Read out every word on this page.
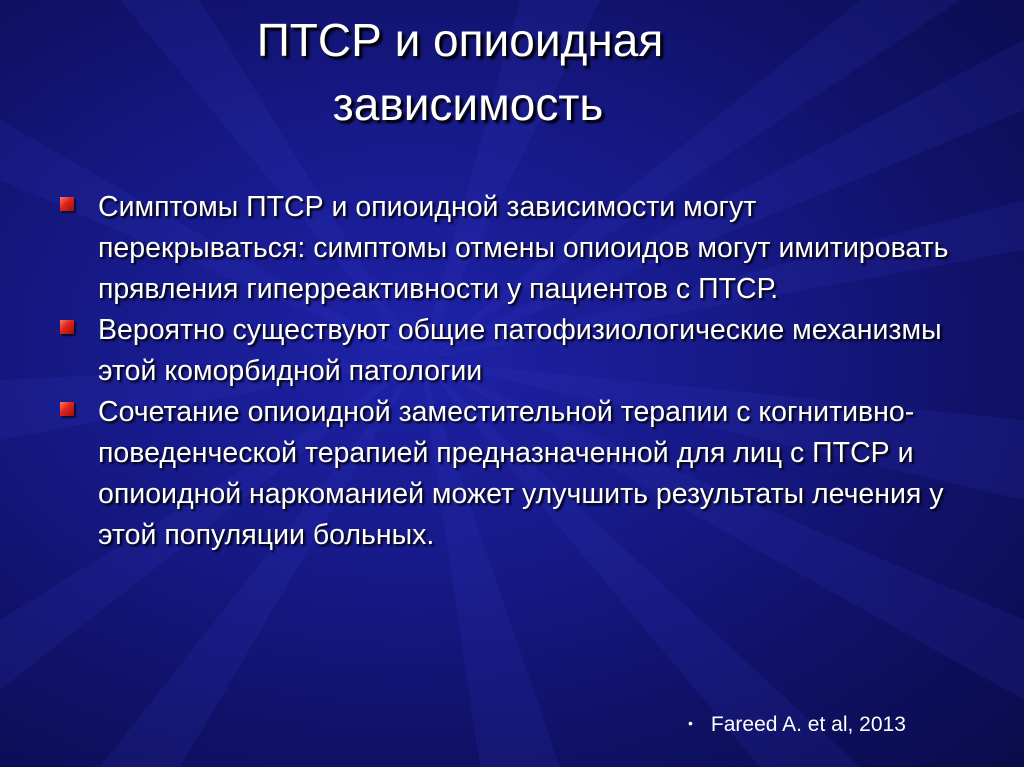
ПТСР и опиоидная
зависимость
Симптомы ПТСР и опиоидной зависимости могут перекрываться: симптомы отмены опиоидов могут имитировать прявления гиперреактивности у пациентов с ПТСР.
Вероятно существуют общие патофизиологические механизмы этой коморбидной патологии
Сочетание опиоидной заместительной терапии с когнитивно-поведенческой терапией предназначенной для лиц с ПТСР и опиоидной наркоманией может улучшить результаты лечения у этой популяции больных.
• Fareed A. et al, 2013
